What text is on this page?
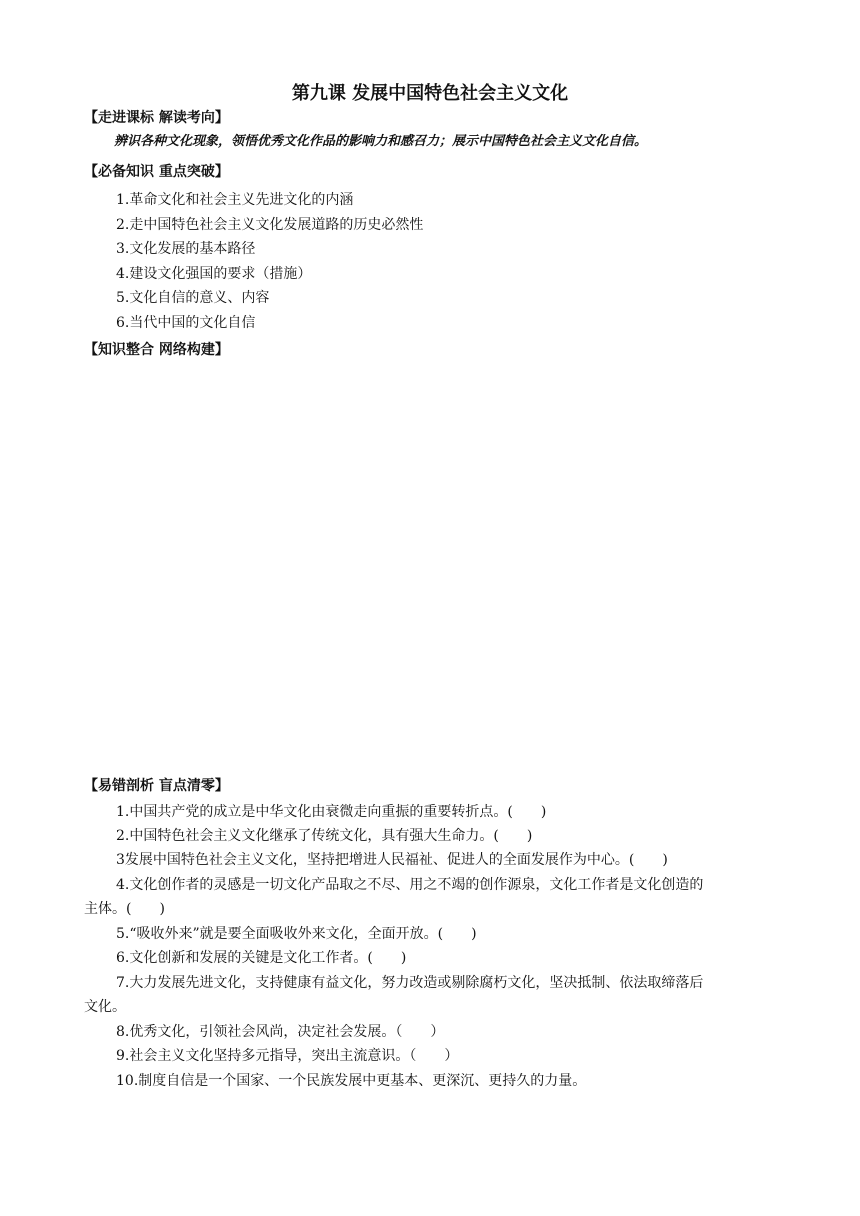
第九课 发展中国特色社会主义文化
【走进课标 解读考向】
辨识各种文化现象，领悟优秀文化作品的影响力和感召力；展示中国特色社会主义文化自信。
【必备知识 重点突破】
1.革命文化和社会主义先进文化的内涵
2.走中国特色社会主义文化发展道路的历史必然性
3.文化发展的基本路径
4.建设文化强国的要求（措施）
5.文化自信的意义、内容
6.当代中国的文化自信
【知识整合 网络构建】
【易错剖析 盲点清零】
1.中国共产党的成立是中华文化由衰微走向重振的重要转折点。(　　)
2.中国特色社会主义文化继承了传统文化，具有强大生命力。(　　)
3发展中国特色社会主义文化，坚持把增进人民福祉、促进人的全面发展作为中心。(　　)
4.文化创作者的灵感是一切文化产品取之不尽、用之不竭的创作源泉，文化工作者是文化创造的
主体。(　　)
5.“吸收外来”就是要全面吸收外来文化，全面开放。(　　)
6.文化创新和发展的关键是文化工作者。(　　)
7.大力发展先进文化，支持健康有益文化，努力改造或剔除腐朽文化，坚决抵制、依法取缔落后
文化。
8.优秀文化，引领社会风尚，决定社会发展。（　　）
9.社会主义文化坚持多元指导，突出主流意识。（　　）
10.制度自信是一个国家、一个民族发展中更基本、更深沉、更持久的力量。
